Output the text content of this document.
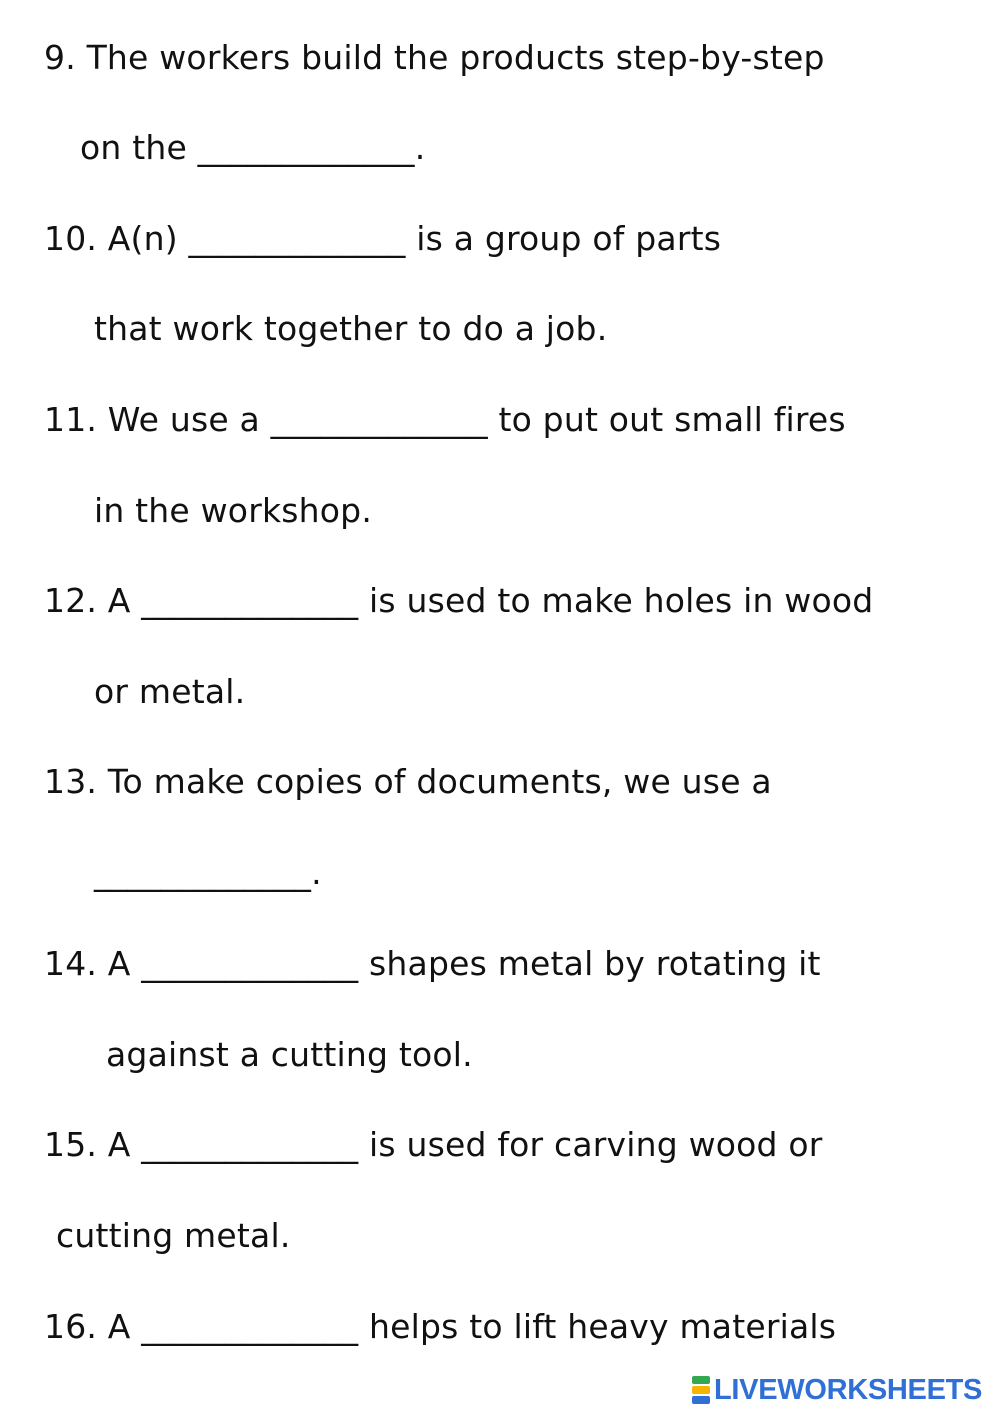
9. The workers build the products step-by-step
on the _____________.
10. A(n) _____________ is a group of parts
that work together to do a job.
11. We use a _____________ to put out small fires
in the workshop.
12. A _____________ is used to make holes in wood
or metal.
13. To make copies of documents, we use a
_____________.
14. A _____________ shapes metal by rotating it
against a cutting tool.
15. A _____________ is used for carving wood or
cutting metal.
16. A _____________ helps to lift heavy materials
LIVEWORKSHEETS
